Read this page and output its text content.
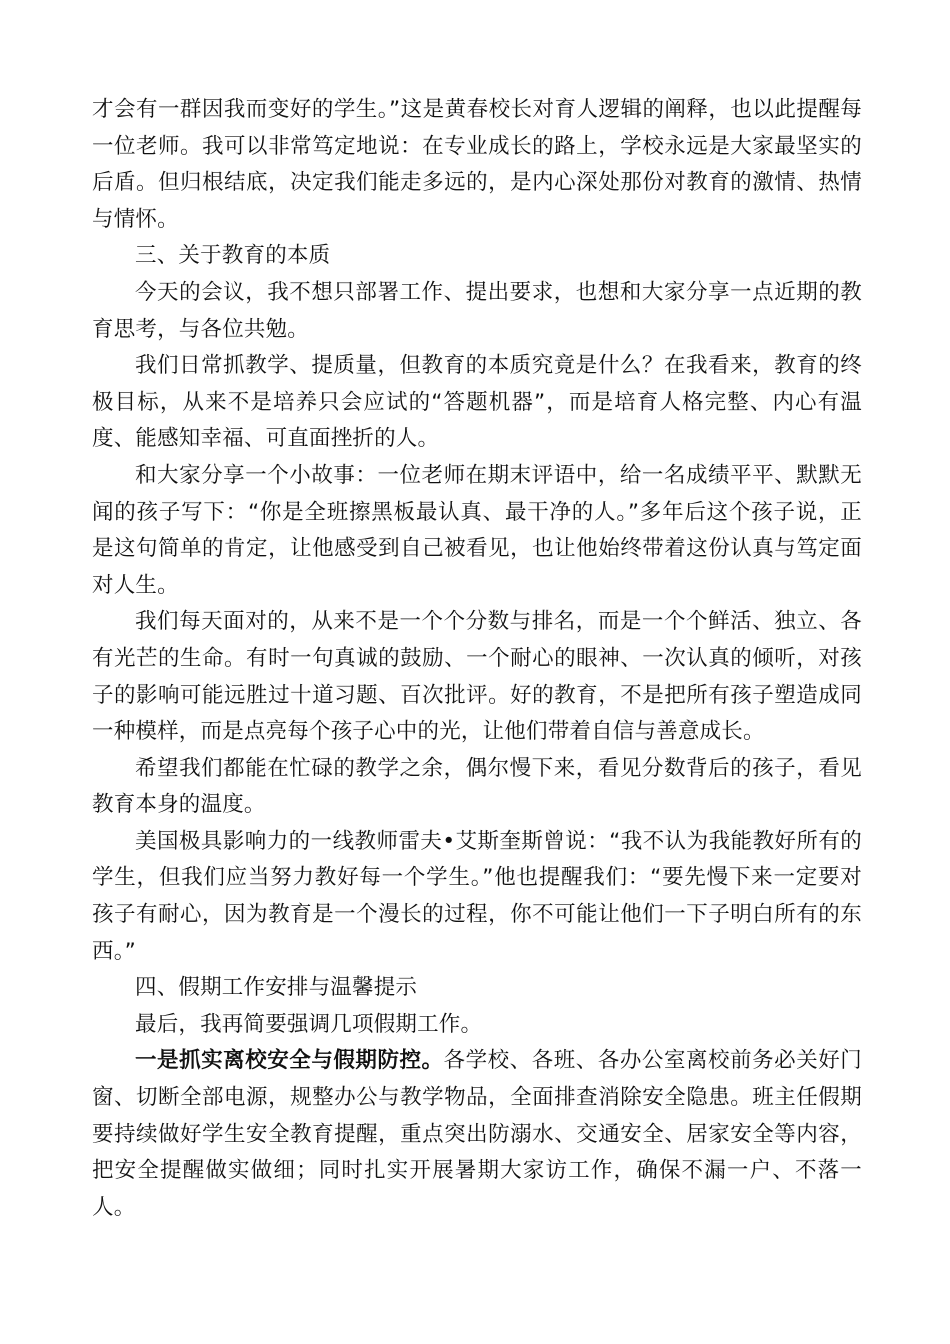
才会有一群因我而变好的学生。”这是黄春校长对育人逻辑的阐释，也以此提醒每一位老师。我可以非常笃定地说：在专业成长的路上，学校永远是大家最坚实的后盾。但归根结底，决定我们能走多远的，是内心深处那份对教育的激情、热情与情怀。

三、关于教育的本质

今天的会议，我不想只部署工作、提出要求，也想和大家分享一点近期的教育思考，与各位共勉。

我们日常抓教学、提质量，但教育的本质究竟是什么？在我看来，教育的终极目标，从来不是培养只会应试的“答题机器”，而是培育人格完整、内心有温度、能感知幸福、可直面挫折的人。

和大家分享一个小故事：一位老师在期末评语中，给一名成绩平平、默默无闻的孩子写下：“你是全班擦黑板最认真、最干净的人。”多年后这个孩子说，正是这句简单的肯定，让他感受到自己被看见，也让他始终带着这份认真与笃定面对人生。

我们每天面对的，从来不是一个个分数与排名，而是一个个鲜活、独立、各有光芒的生命。有时一句真诚的鼓励、一个耐心的眼神、一次认真的倾听，对孩子的影响可能远胜过十道习题、百次批评。好的教育，不是把所有孩子塑造成同一种模样，而是点亮每个孩子心中的光，让他们带着自信与善意成长。

希望我们都能在忙碌的教学之余，偶尔慢下来，看见分数背后的孩子，看见教育本身的温度。

美国极具影响力的一线教师雷夫•艾斯奎斯曾说：“我不认为我能教好所有的学生，但我们应当努力教好每一个学生。”他也提醒我们：“要先慢下来一定要对孩子有耐心，因为教育是一个漫长的过程，你不可能让他们一下子明白所有的东西。”

四、假期工作安排与温馨提示

最后，我再简要强调几项假期工作。

一是抓实离校安全与假期防控。各学校、各班、各办公室离校前务必关好门窗、切断全部电源，规整办公与教学物品，全面排查消除安全隐患。班主任假期要持续做好学生安全教育提醒，重点突出防溺水、交通安全、居家安全等内容，把安全提醒做实做细；同时扎实开展暑期大家访工作，确保不漏一户、不落一人。
